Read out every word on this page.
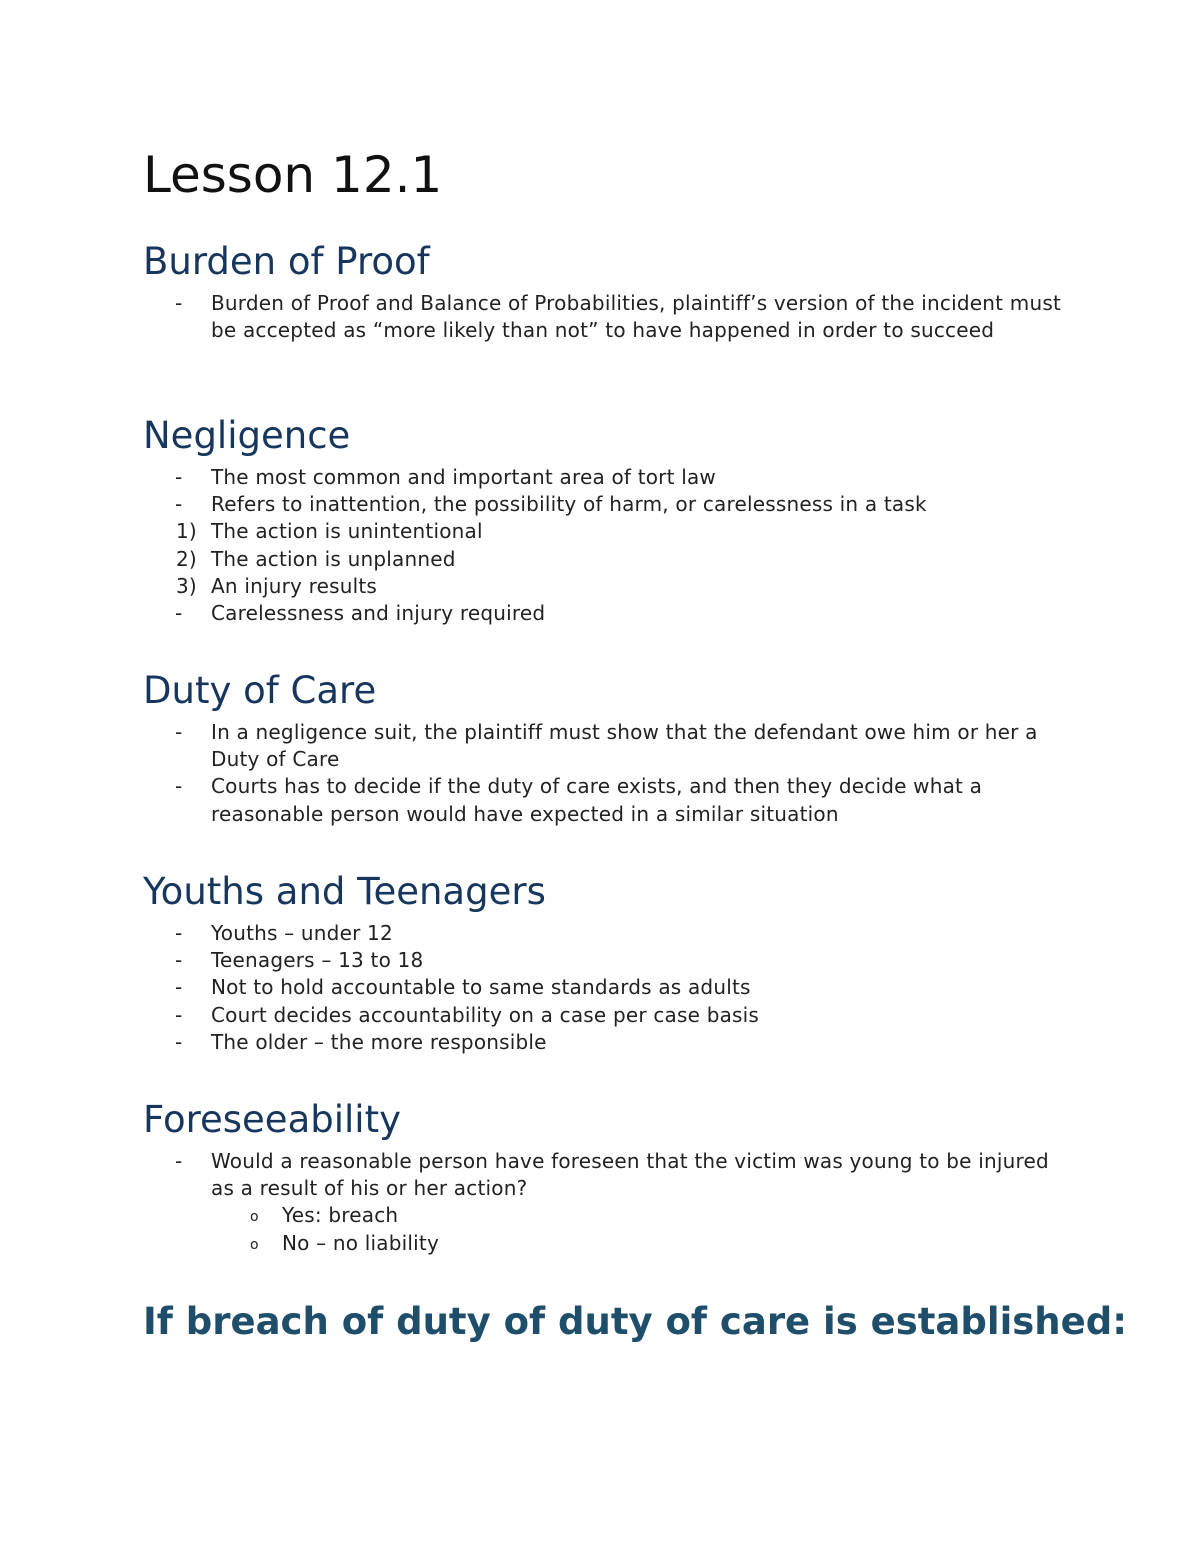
Lesson 12.1
Burden of Proof
-	Burden of Proof and Balance of Probabilities, plaintiff’s version of the incident must be accepted as “more likely than not” to have happened in order to succeed
Negligence
-	The most common and important area of tort law
-	Refers to inattention, the possibility of harm, or carelessness in a task
1) The action is unintentional
2) The action is unplanned
3) An injury results
-	Carelessness and injury required
Duty of Care
-	In a negligence suit, the plaintiff must show that the defendant owe him or her a Duty of Care
-	Courts has to decide if the duty of care exists, and then they decide what a reasonable person would have expected in a similar situation
Youths and Teenagers
-	Youths – under 12
-	Teenagers – 13 to 18
-	Not to hold accountable to same standards as adults
-	Court decides accountability on a case per case basis
-	The older – the more responsible
Foreseeability
-	Would a reasonable person have foreseen that the victim was young to be injured as a result of his or her action?
o	Yes: breach
o	No – no liability
If breach of duty of duty of care is established:
